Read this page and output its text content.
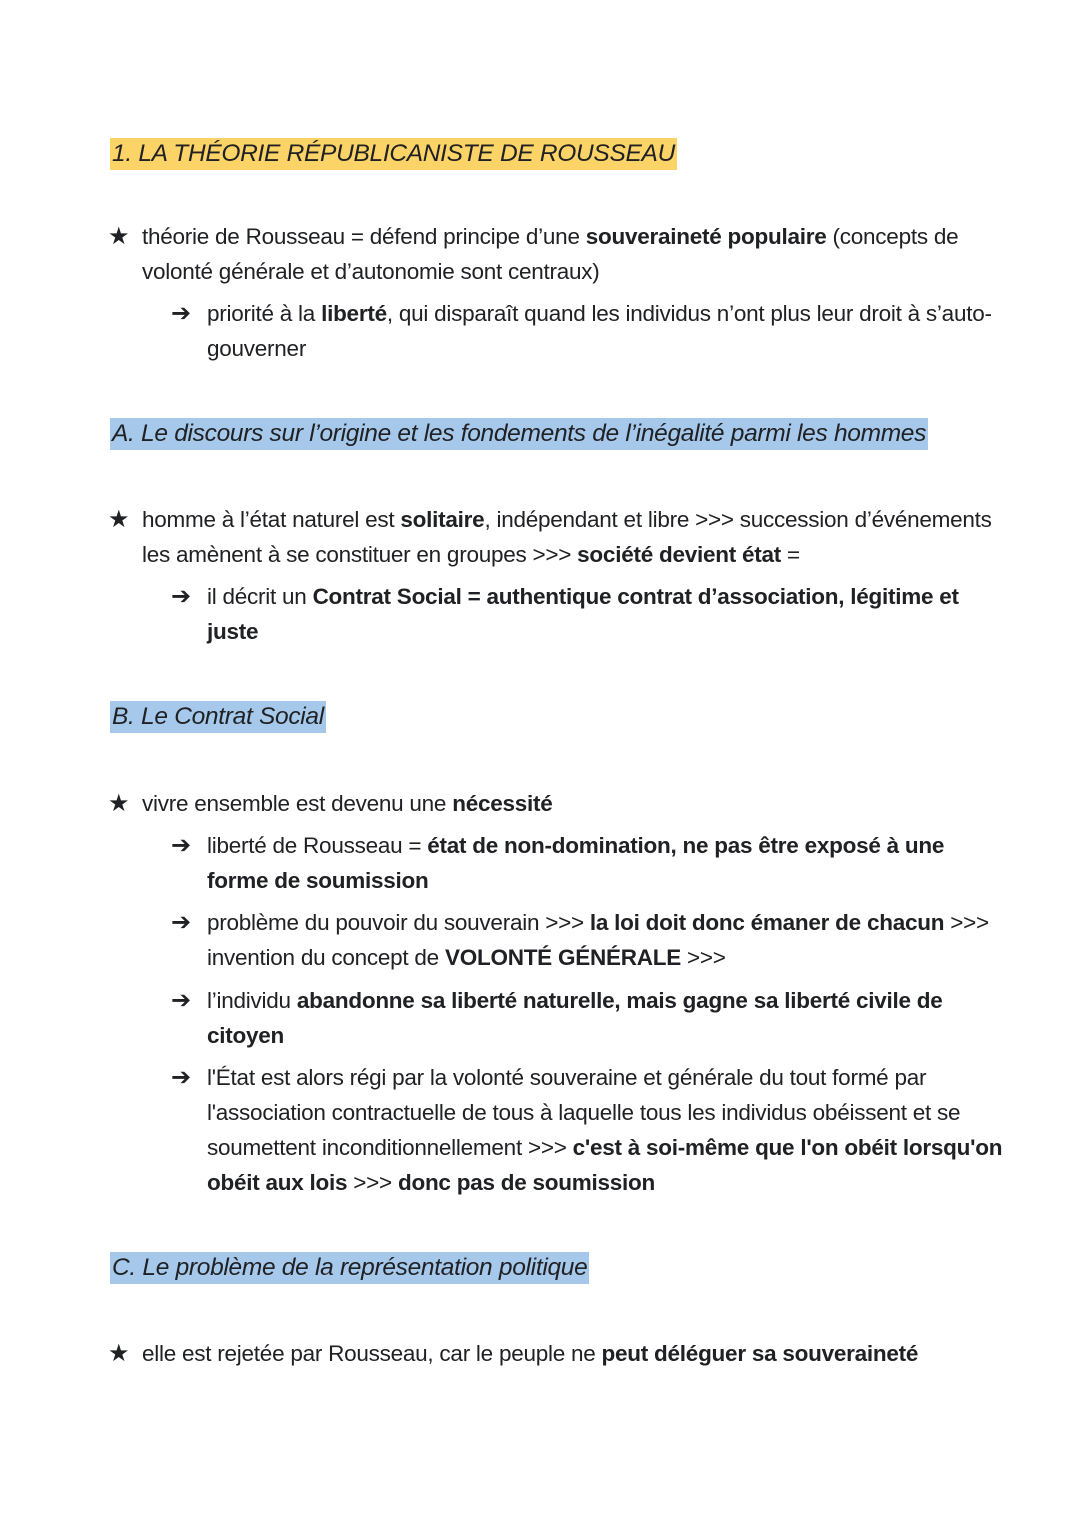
1. LA THÉORIE RÉPUBLICANISTE DE ROUSSEAU
★ théorie de Rousseau = défend principe d’une souveraineté populaire (concepts de volonté générale et d’autonomie sont centraux)
➔ priorité à la liberté, qui disparaît quand les individus n’ont plus leur droit à s’auto-gouverner
A. Le discours sur l’origine et les fondements de l’inégalité parmi les hommes
★ homme à l’état naturel est solitaire, indépendant et libre >>> succession d’événements les amènent à se constituer en groupes >>> société devient état =
➔ il décrit un Contrat Social = authentique contrat d’association, légitime et juste
B. Le Contrat Social
★ vivre ensemble est devenu une nécessité
➔ liberté de Rousseau = état de non-domination, ne pas être exposé à une forme de soumission
➔ problème du pouvoir du souverain >>> la loi doit donc émaner de chacun >>> invention du concept de VOLONTÉ GÉNÉRALE >>>
➔ l’individu abandonne sa liberté naturelle, mais gagne sa liberté civile de citoyen
➔ l'État est alors régi par la volonté souveraine et générale du tout formé par l'association contractuelle de tous à laquelle tous les individus obéissent et se soumettent inconditionnellement >>> c'est à soi-même que l'on obéit lorsqu'on obéit aux lois >>> donc pas de soumission
C. Le problème de la représentation politique
★ elle est rejetée par Rousseau, car le peuple ne peut déléguer sa souveraineté
